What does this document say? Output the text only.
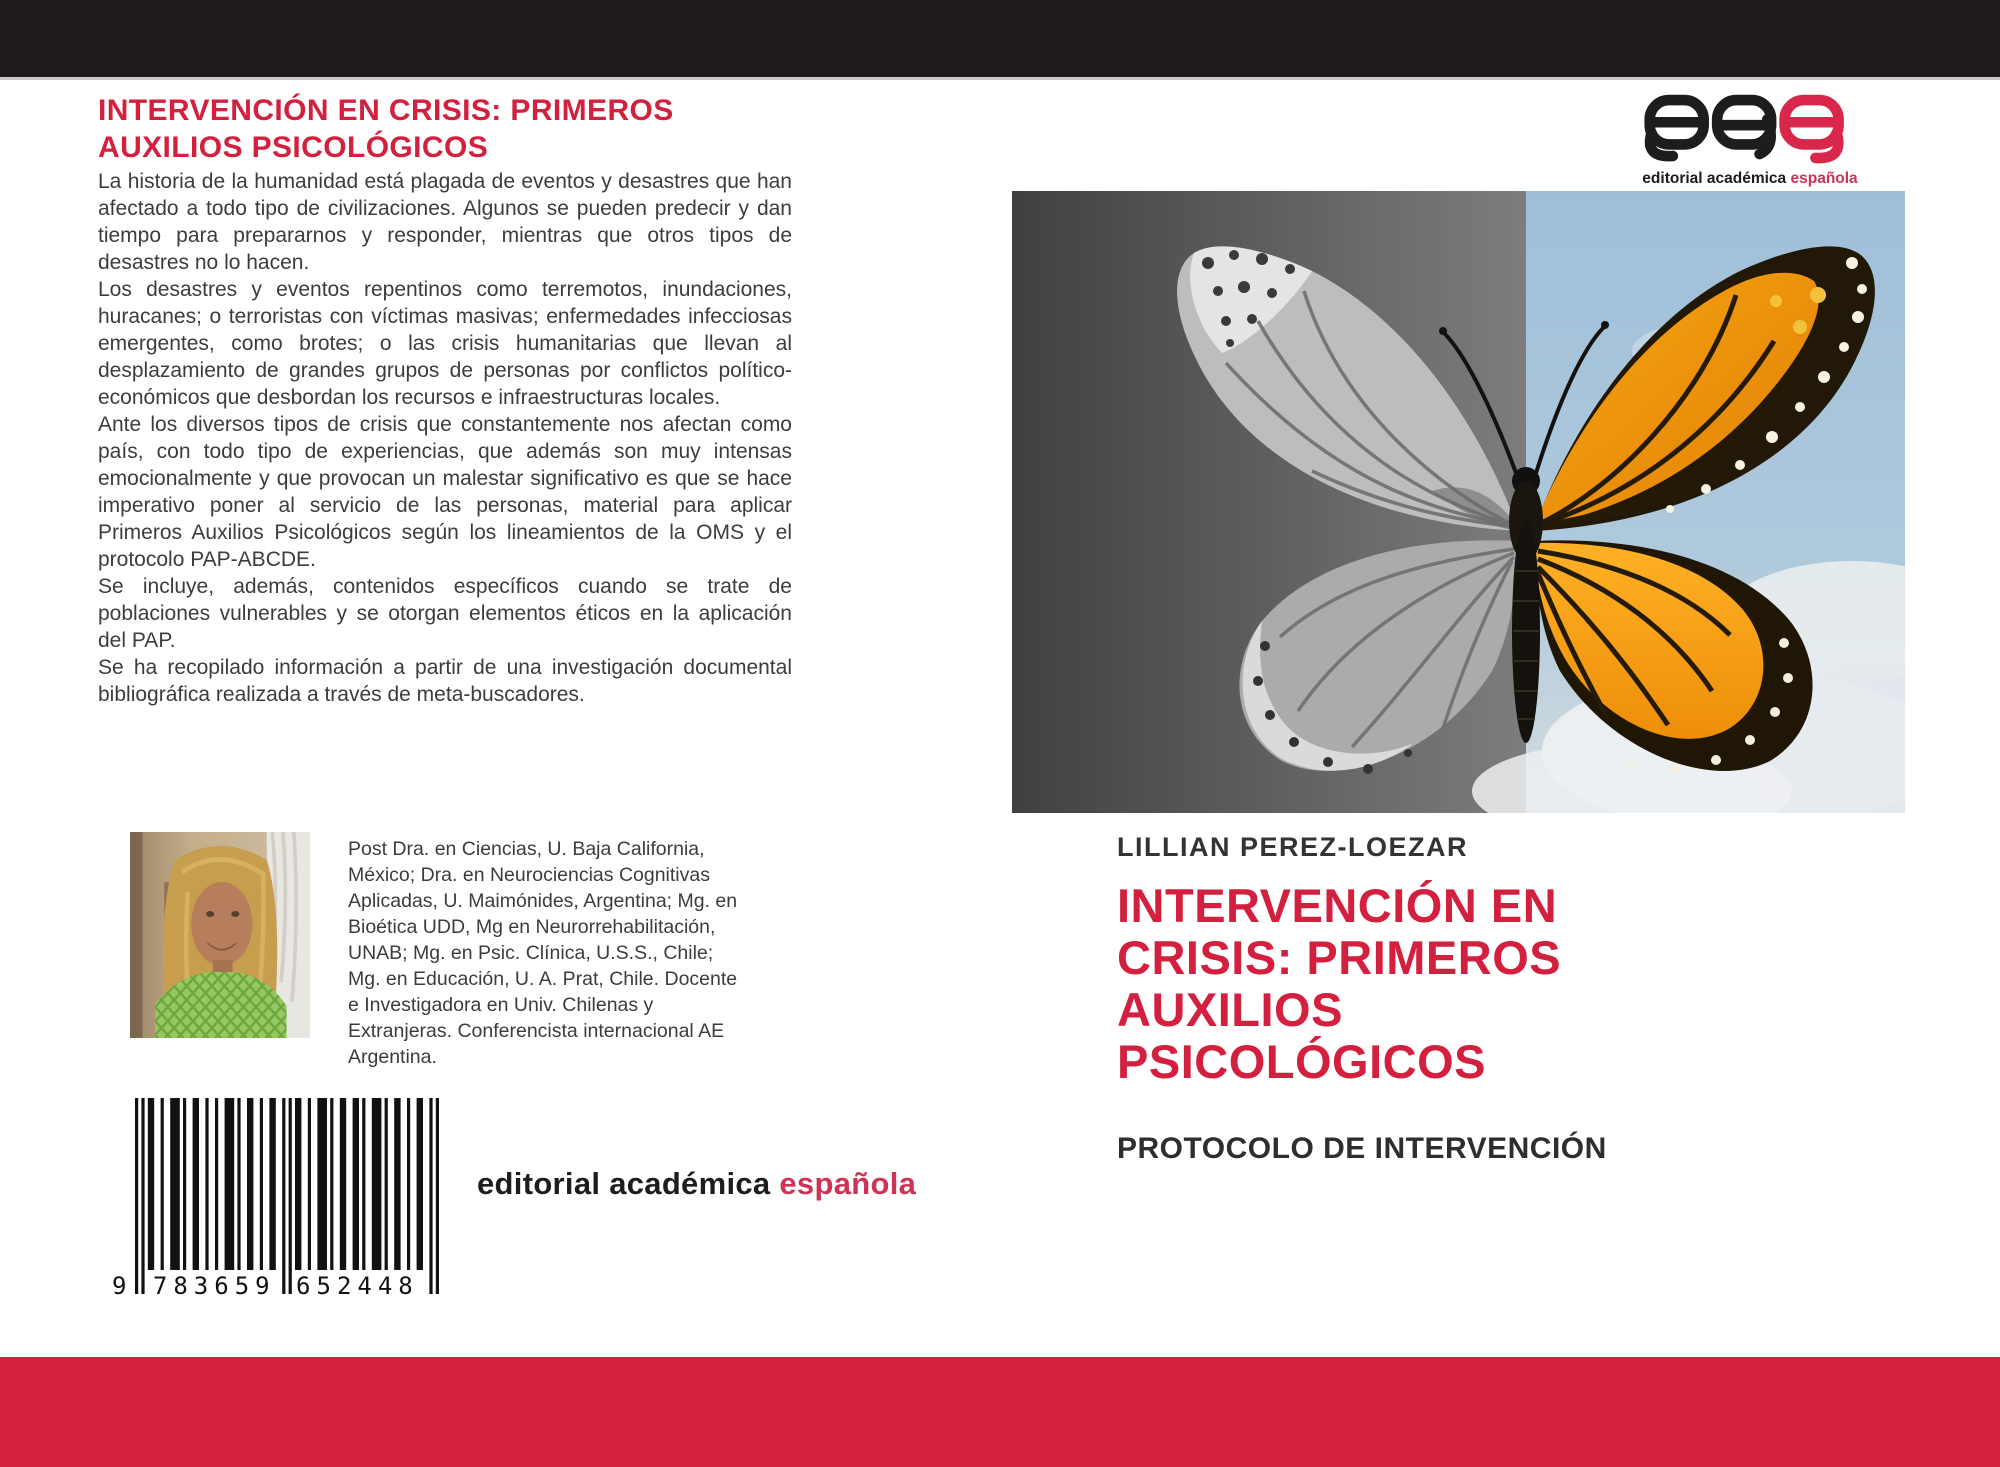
INTERVENCIÓN EN CRISIS: PRIMEROS AUXILIOS PSICOLÓGICOS

La historia de la humanidad está plagada de eventos y desastres que han afectado a todo tipo de civilizaciones. Algunos se pueden predecir y dan tiempo para prepararnos y responder, mientras que otros tipos de desastres no lo hacen.

Los desastres y eventos repentinos como terremotos, inundaciones, huracanes; o terroristas con víctimas masivas; enfermedades infecciosas emergentes, como brotes; o las crisis humanitarias que llevan al desplazamiento de grandes grupos de personas por conflictos político-económicos que desbordan los recursos e infraestructuras locales.

Ante los diversos tipos de crisis que constantemente nos afectan como país, con todo tipo de experiencias, que además son muy intensas emocionalmente y que provocan un malestar significativo es que se hace imperativo poner al servicio de las personas, material para aplicar Primeros Auxilios Psicológicos según los lineamientos de la OMS y el protocolo PAP-ABCDE.

Se incluye, además, contenidos específicos cuando se trate de poblaciones vulnerables y se otorgan elementos éticos en la aplicación del PAP.

Se ha recopilado información a partir de una investigación documental bibliográfica realizada a través de meta-buscadores.

Post Dra. en Ciencias, U. Baja California, México; Dra. en Neurociencias Cognitivas Aplicadas, U. Maimónides, Argentina; Mg. en Bioética UDD, Mg en Neurorrehabilitación, UNAB; Mg. en Psic. Clínica, U.S.S., Chile; Mg. en Educación, U. A. Prat, Chile. Docente e Investigadora en Univ. Chilenas y Extranjeras. Conferencista internacional AE Argentina.
9 783659 652448
editorial académica española
editorial académica española
LILLIAN PEREZ-LOEZAR
INTERVENCIÓN EN CRISIS: PRIMEROS AUXILIOS PSICOLÓGICOS
PROTOCOLO DE INTERVENCIÓN
